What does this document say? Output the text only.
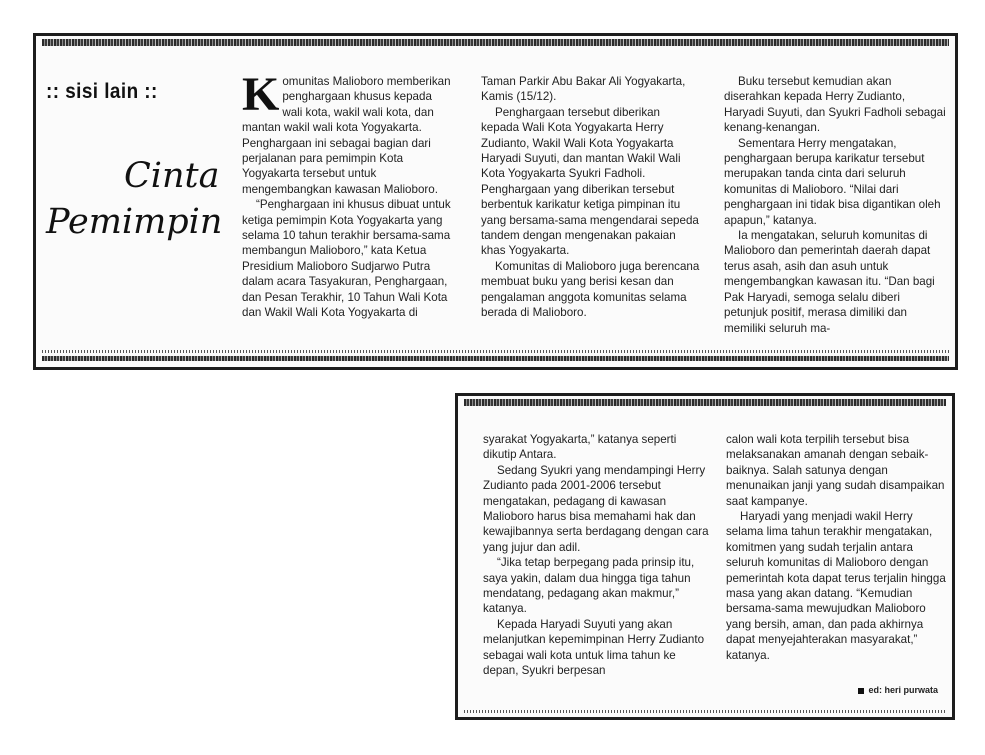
:: sisi lain ::
Cinta
Pemimpin
K omunitas Malioboro memberikan penghargaan khusus kepada wali kota, wakil wali kota, dan mantan wakil wali kota Yogyakarta. Penghargaan ini sebagai bagian dari perjalanan para pemimpin Kota Yogyakarta tersebut untuk mengembangkan kawasan Malioboro.

“Penghargaan ini khusus dibuat untuk ketiga pemimpin Kota Yogyakarta yang selama 10 tahun terakhir bersama-sama membangun Malioboro,” kata Ketua Presidium Malioboro Sudjarwo Putra dalam acara Tasyakuran, Penghargaan, dan Pesan Terakhir, 10 Tahun Wali Kota dan Wakil Wali Kota Yogyakarta di

Taman Parkir Abu Bakar Ali Yogyakarta, Kamis (15/12).

Penghargaan tersebut diberikan kepada Wali Kota Yogyakarta Herry Zudianto, Wakil Wali Kota Yogyakarta Haryadi Suyuti, dan mantan Wakil Wali Kota Yogyakarta Syukri Fadholi. Penghargaan yang diberikan tersebut berbentuk karikatur ketiga pimpinan itu yang bersama-sama mengendarai sepeda tandem dengan mengenakan pakaian khas Yogyakarta.

Komunitas di Malioboro juga berencana membuat buku yang berisi kesan dan pengalaman anggota komunitas selama berada di Malioboro.

Buku tersebut kemudian akan diserahkan kepada Herry Zudianto, Haryadi Suyuti, dan Syukri Fadholi sebagai kenang-kenangan.

Sementara Herry mengatakan, penghargaan berupa karikatur tersebut merupakan tanda cinta dari seluruh komunitas di Malioboro. “Nilai dari penghargaan ini tidak bisa digantikan oleh apapun,” katanya.

Ia mengatakan, seluruh komunitas di Malioboro dan pemerintah daerah dapat terus asah, asih dan asuh untuk mengembangkan kawasan itu. “Dan bagi Pak Haryadi, semoga selalu diberi petunjuk positif, merasa dimiliki dan memiliki seluruh ma-

syarakat Yogyakarta,” katanya seperti dikutip Antara.

Sedang Syukri yang mendampingi Herry Zudianto pada 2001-2006 tersebut mengatakan, pedagang di kawasan Malioboro harus bisa memahami hak dan kewajibannya serta berdagang dengan cara yang jujur dan adil.

“Jika tetap berpegang pada prinsip itu, saya yakin, dalam dua hingga tiga tahun mendatang, pedagang akan makmur,” katanya.

Kepada Haryadi Suyuti yang akan melanjutkan kepemimpinan Herry Zudianto sebagai wali kota untuk lima tahun ke depan, Syukri berpesan

calon wali kota terpilih tersebut bisa melaksanakan amanah dengan sebaik-baiknya. Salah satunya dengan menunaikan janji yang sudah disampaikan saat kampanye.

Haryadi yang menjadi wakil Herry selama lima tahun terakhir mengatakan, komitmen yang sudah terjalin antara seluruh komunitas di Malioboro dengan pemerintah kota dapat terus terjalin hingga masa yang akan datang. “Kemudian bersama-sama mewujudkan Malioboro yang bersih, aman, dan pada akhirnya dapat menyejahterakan masyarakat,” katanya.

ed: heri purwata
